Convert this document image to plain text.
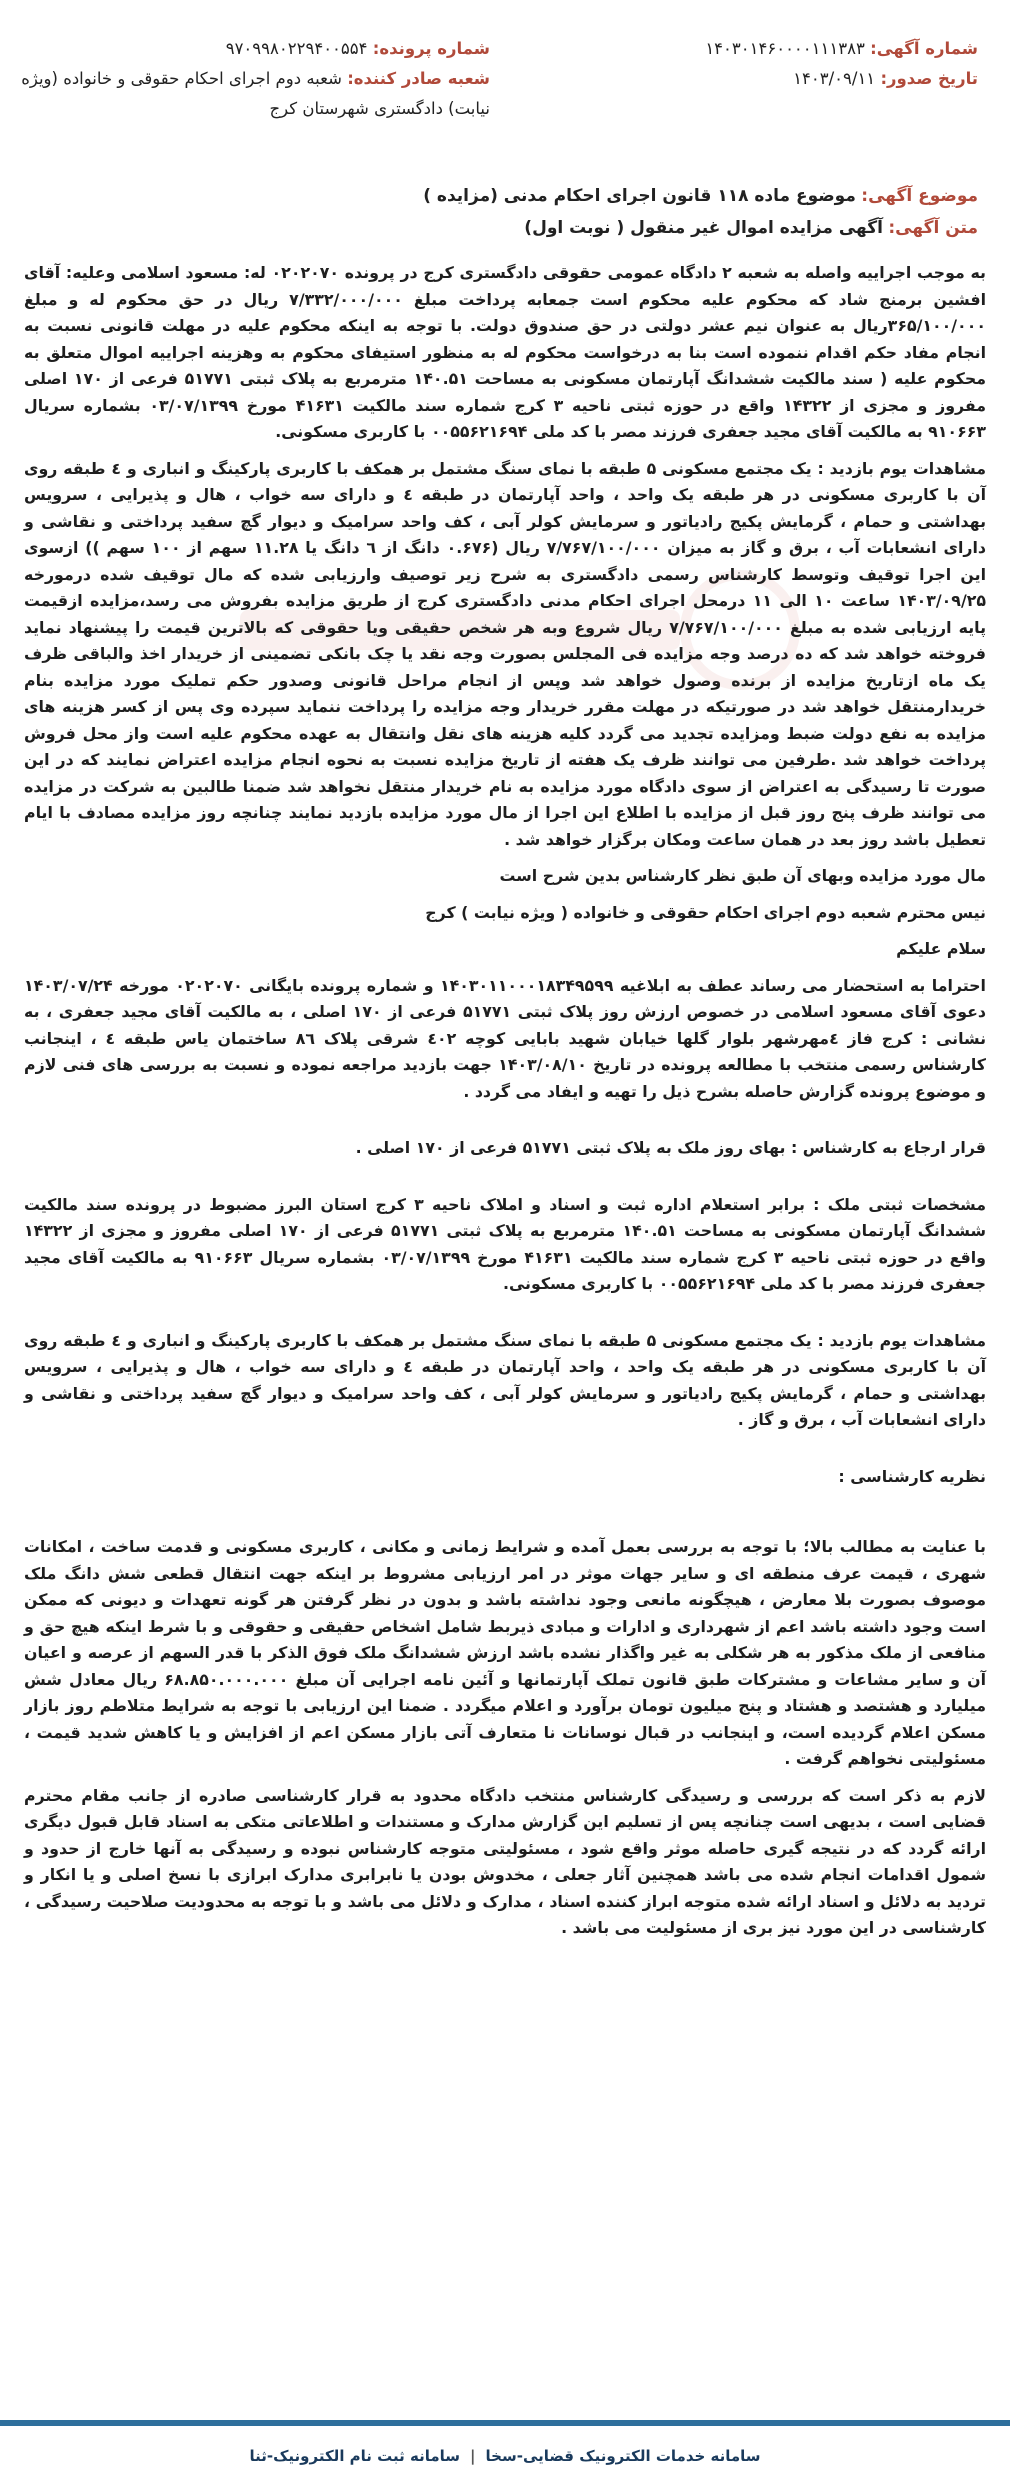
شماره آگهی: ۱۴۰۳۰۱۴۶۰۰۰۰۱۱۱۳۸۳
تاریخ صدور: ۱۴۰۳/۰۹/۱۱
شماره پرونده: ۹۷۰۹۹۸۰۲۲۹۴۰۰۵۵۴
شعبه صادر کننده: شعبه دوم اجرای احکام حقوقی و خانواده (ویژه نیابت) دادگستری شهرستان کرج
موضوع آگهی: موضوع ماده ۱۱۸ قانون اجرای احکام مدنی (مزایده )
متن آگهی: آگهی مزایده اموال غیر منقول ( نوبت اول)

به موجب اجراییه واصله به شعبه ۲ دادگاه عمومی حقوقی دادگستری کرج در پرونده ۰۲۰۲۰۷۰ له: مسعود اسلامی وعلیه: آقای افشین برمنج شاد که محکوم علیه محکوم است جمعابه پرداخت مبلغ ۷/۳۳۲/۰۰۰/۰۰۰ ریال در حق محکوم له و مبلغ ۳۶۵/۱۰۰/۰۰۰ریال به عنوان نیم عشر دولتی در حق صندوق دولت. با توجه به اینکه محکوم علیه در مهلت قانونی نسبت به انجام مفاد حکم اقدام ننموده است بنا به درخواست محکوم له به منظور استیفای محکوم به وهزینه اجراییه اموال متعلق به محکوم علیه ( سند مالکیت ششدانگ آپارتمان مسکونی به مساحت ۱۴۰.۵۱ مترمربع به پلاک ثبتی ۵۱۷۷۱ فرعی از ۱۷۰ اصلی مفروز و مجزی از ۱۴۳۲۲ واقع در حوزه ثبتی ناحیه ۳ کرج شماره سند مالکیت ۴۱۶۳۱ مورخ ۰۳/۰۷/۱۳۹۹ بشماره سریال ۹۱۰۶۶۳ به مالکیت آقای مجید جعفری فرزند مصر با کد ملی ۰۰۵۵۶۲۱۶۹۴ با کاربری مسکونی.

مشاهدات یوم بازدید : یک مجتمع مسکونی ۵ طبقه با نمای سنگ مشتمل بر همکف با کاربری پارکینگ و انباری و ٤ طبقه روی آن با کاربری مسکونی در هر طبقه یک واحد ، واحد آپارتمان در طبقه ٤ و دارای سه خواب ، هال و پذیرایی ، سرویس بهداشتی و حمام ، گرمایش پکیج رادیاتور و سرمایش کولر آبی ، کف واحد سرامیک و دیوار گچ سفید پرداختی و نقاشی و دارای انشعابات آب ، برق و گاز به میزان ۷/۷۶۷/۱۰۰/۰۰۰ ریال (۰.۶۷۶ دانگ از ٦ دانگ یا ۱۱.۲۸ سهم از ۱۰۰ سهم )) ازسوی این اجرا توقیف وتوسط کارشناس رسمی دادگستری به شرح زیر توصیف وارزیابی شده که مال توقیف شده درمورخه ۱۴۰۳/۰۹/۲۵ ساعت ۱۰ الی ۱۱ درمحل اجرای احکام مدنی دادگستری کرج از طریق مزایده بفروش می رسد،مزایده ازقیمت پایه ارزیابی شده به مبلغ ۷/۷۶۷/۱۰۰/۰۰۰ ریال شروع وبه هر شخص حقیقی ویا حقوقی که بالاترین قیمت را پیشنهاد نماید فروخته خواهد شد که ده درصد وجه مزایده فی المجلس بصورت وجه نقد یا چک بانکی تضمینی از خریدار اخذ والباقی ظرف یک ماه ازتاریخ مزایده از برنده وصول خواهد شد وپس از انجام مراحل قانونی وصدور حکم تملیک مورد مزایده بنام خریدارمنتقل خواهد شد در صورتیکه در مهلت مقرر خریدار وجه مزایده را پرداخت ننماید سپرده وی پس از کسر هزینه های مزایده به نفع دولت ضبط ومزایده تجدید می گردد کلیه هزینه های نقل وانتقال به عهده محکوم علیه است واز محل فروش پرداخت خواهد شد .طرفین می توانند ظرف یک هفته از تاریخ مزایده نسبت به نحوه انجام مزایده اعتراض نمایند که در این صورت تا رسیدگی به اعتراض از سوی دادگاه مورد مزایده به نام خریدار منتقل نخواهد شد ضمنا طالبین به شرکت در مزایده می توانند ظرف پنج روز قبل از مزایده با اطلاع این اجرا از مال مورد مزایده بازدید نمایند چنانچه روز مزایده مصادف با ایام تعطیل باشد روز بعد در همان ساعت ومکان برگزار خواهد شد .

مال مورد مزایده وبهای آن طبق نظر کارشناس بدین شرح است

نیس محترم شعبه دوم اجرای احکام حقوقی و خانواده ( ویژه نیابت ) کرج

سلام علیکم

احتراما به استحضار می رساند عطف به ابلاغیه ۱۴۰۳۰۱۱۰۰۰۱۸۳۴۹۵۹۹ و شماره پرونده بایگانی ۰۲۰۲۰۷۰ مورخه ۱۴۰۳/۰۷/۲۴ دعوی آقای مسعود اسلامی در خصوص ارزش روز پلاک ثبتی ۵۱۷۷۱ فرعی از ۱۷۰ اصلی ، به مالکیت آقای مجید جعفری ، به نشانی : کرج فاز ٤مهرشهر بلوار گلها خیابان شهید بابایی کوچه ٤۰۲ شرقی پلاک ٨٦ ساختمان یاس طبقه ٤ ، اینجانب کارشناس رسمی منتخب با مطالعه پرونده در تاریخ ۱۴۰۳/۰۸/۱۰ جهت بازدید مراجعه نموده و نسبت به بررسی های فنی لازم و موضوع پرونده گزارش حاصله بشرح ذیل را تهیه و ایفاد می گردد .

قرار ارجاع به کارشناس : بهای روز ملک به پلاک ثبتی ۵۱۷۷۱ فرعی از ۱۷۰ اصلی .

مشخصات ثبتی ملک : برابر استعلام اداره ثبت و اسناد و املاک ناحیه ۳ کرج استان البرز مضبوط در پرونده سند مالکیت ششدانگ آپارتمان مسکونی به مساحت ۱۴۰.۵۱ مترمربع به پلاک ثبتی ۵۱۷۷۱ فرعی از ۱۷۰ اصلی مفروز و مجزی از ۱۴۳۲۲ واقع در حوزه ثبتی ناحیه ۳ کرج شماره سند مالکیت ۴۱۶۳۱ مورخ ۰۳/۰۷/۱۳۹۹ بشماره سریال ۹۱۰۶۶۳ به مالکیت آقای مجید جعفری فرزند مصر با کد ملی ۰۰۵۵۶۲۱۶۹۴ با کاربری مسکونی.

مشاهدات یوم بازدید : یک مجتمع مسکونی ۵ طبقه با نمای سنگ مشتمل بر همکف با کاربری پارکینگ و انباری و ٤ طبقه روی آن با کاربری مسکونی در هر طبقه یک واحد ، واحد آپارتمان در طبقه ٤ و دارای سه خواب ، هال و پذیرایی ، سرویس بهداشتی و حمام ، گرمایش پکیج رادیاتور و سرمایش کولر آبی ، کف واحد سرامیک و دیوار گچ سفید پرداختی و نقاشی و دارای انشعابات آب ، برق و گاز .

نظریه کارشناسی :

با عنایت به مطالب بالا؛ با توجه به بررسی بعمل آمده و شرایط زمانی و مکانی ، کاربری مسکونی و قدمت ساخت ، امکانات شهری ، قیمت عرف منطقه ای و سایر جهات موثر در امر ارزیابی مشروط بر اینکه جهت انتقال قطعی شش دانگ ملک موصوف بصورت بلا معارض ، هیچگونه مانعی وجود نداشته باشد و بدون در نظر گرفتن هر گونه تعهدات و دیونی که ممکن است وجود داشته باشد اعم از شهرداری و ادارات و مبادی ذیربط شامل اشخاص حقیقی و حقوقی و با شرط اینکه هیچ حق و منافعی از ملک مذکور به هر شکلی به غیر واگذار نشده باشد ارزش ششدانگ ملک فوق الذکر با قدر السهم از عرصه و اعیان آن و سایر مشاعات و مشترکات طبق قانون تملک آپارتمانها و آئین نامه اجرایی آن مبلغ ۶۸.۸۵۰.۰۰۰.۰۰۰ ریال معادل شش میلیارد و هشتصد و هشتاد و پنج میلیون تومان برآورد و اعلام میگردد . ضمنا این ارزیابی با توجه به شرایط متلاطم روز بازار مسکن اعلام گردیده است، و اینجانب در قبال نوسانات نا متعارف آتی بازار مسکن اعم از افزایش و یا کاهش شدید قیمت ، مسئولیتی نخواهم گرفت .

لازم به ذکر است که بررسی و رسیدگی کارشناس منتخب دادگاه محدود به قرار کارشناسی صادره از جانب مقام محترم قضایی است ، بدیهی است چنانچه پس از تسلیم این گزارش مدارک و مستندات و اطلاعاتی متکی به اسناد قابل قبول دیگری ارائه گردد که در نتیجه گیری حاصله موثر واقع شود ، مسئولیتی متوجه کارشناس نبوده و رسیدگی به آنها خارج از حدود و شمول اقدامات انجام شده می باشد همچنین آثار جعلی ، مخدوش بودن یا نابرابری مدارک ابرازی با نسخ اصلی و یا انکار و تردید به دلائل و اسناد ارائه شده متوجه ابراز کننده اسناد ، مدارک و دلائل می باشد و با توجه به محدودیت صلاحیت رسیدگی ، کارشناسی در این مورد نیز بری از مسئولیت می باشد .

سامانه خدمات الکترونیک قضایی-سخا
|
سامانه ثبت نام الکترونیک-ثنا
